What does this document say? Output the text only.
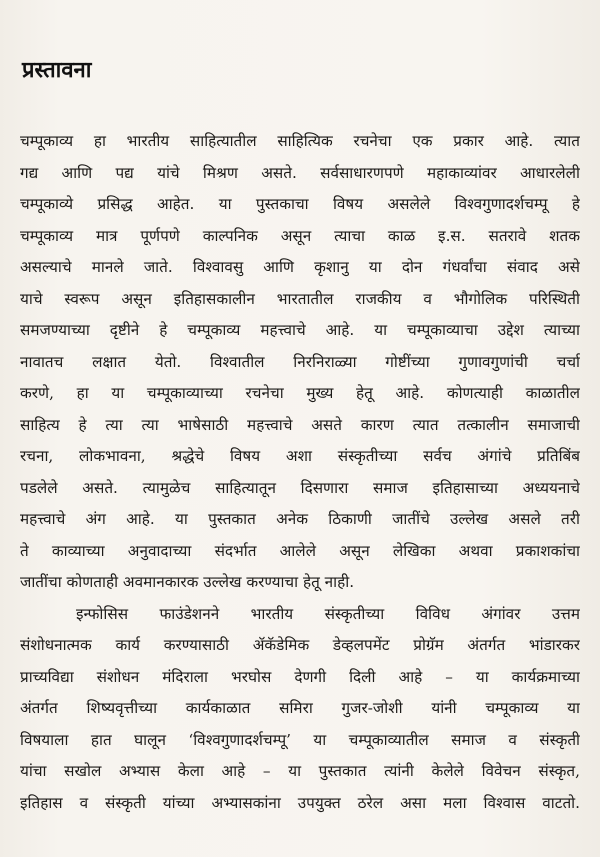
प्रस्तावना
चम्पूकाव्य हा भारतीय साहित्यातील साहित्यिक रचनेचा एक प्रकार आहे. त्यात
गद्य आणि पद्य यांचे मिश्रण असते. सर्वसाधारणपणे महाकाव्यांवर आधारलेली
चम्पूकाव्ये प्रसिद्ध आहेत. या पुस्तकाचा विषय असलेले विश्वगुणादर्शचम्पू हे
चम्पूकाव्य मात्र पूर्णपणे काल्पनिक असून त्याचा काळ इ.स. सतरावे शतक
असल्याचे मानले जाते. विश्वावसु आणि कृशानु या दोन गंधर्वांचा संवाद असे
याचे स्वरूप असून इतिहासकालीन भारतातील राजकीय व भौगोलिक परिस्थिती
समजण्याच्या दृष्टीने हे चम्पूकाव्य महत्त्वाचे आहे. या चम्पूकाव्याचा उद्देश त्याच्या
नावातच लक्षात येतो. विश्वातील निरनिराळ्या गोष्टींच्या गुणावगुणांची चर्चा
करणे, हा या चम्पूकाव्याच्या रचनेचा मुख्य हेतू आहे. कोणत्याही काळातील
साहित्य हे त्या त्या भाषेसाठी महत्त्वाचे असते कारण त्यात तत्कालीन समाजाची
रचना, लोकभावना, श्रद्धेचे विषय अशा संस्कृतीच्या सर्वच अंगांचे प्रतिबिंब
पडलेले असते. त्यामुळेच साहित्यातून दिसणारा समाज इतिहासाच्या अध्ययनाचे
महत्त्वाचे अंग आहे. या पुस्तकात अनेक ठिकाणी जातींचे उल्लेख असले तरी
ते काव्याच्या अनुवादाच्या संदर्भात आलेले असून लेखिका अथवा प्रकाशकांचा
जातींचा कोणताही अवमानकारक उल्लेख करण्याचा हेतू नाही.
इन्फोसिस फाउंडेशनने भारतीय संस्कृतीच्या विविध अंगांवर उत्तम
संशोधनात्मक कार्य करण्यासाठी ॲकॅडेमिक डेव्हलपमेंट प्रोग्रॅम अंतर्गत भांडारकर
प्राच्यविद्या संशोधन मंदिराला भरघोस देणगी दिली आहे – या कार्यक्रमाच्या
अंतर्गत शिष्यवृत्तीच्या कार्यकाळात समिरा गुजर-जोशी यांनी चम्पूकाव्य या
विषयाला हात घालून ‘विश्वगुणादर्शचम्पू’ या चम्पूकाव्यातील समाज व संस्कृती
यांचा सखोल अभ्यास केला आहे – या पुस्तकात त्यांनी केलेले विवेचन संस्कृत,
इतिहास व संस्कृती यांच्या अभ्यासकांना उपयुक्त ठरेल असा मला विश्वास वाटतो.
